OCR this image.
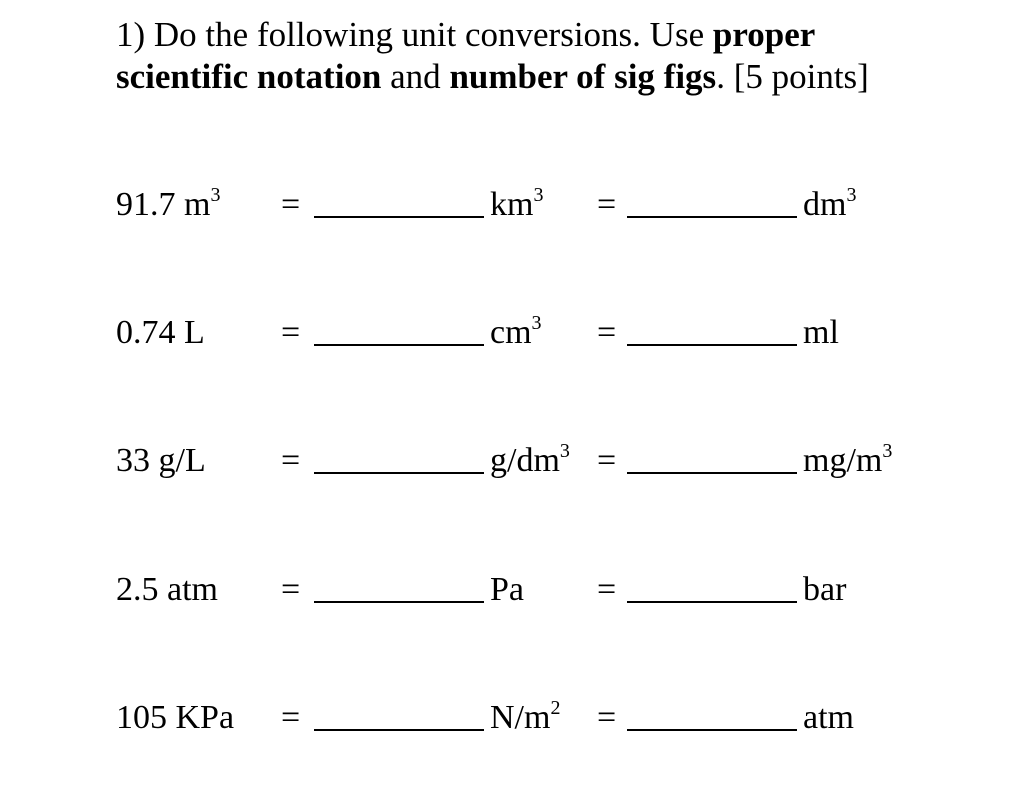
1) Do the following unit conversions. Use proper scientific notation and number of sig figs. [5 points]
91.7 $m^3$ =	$km^3$ =	$dm^3$
0.74 L =	$cm^3$ =	ml
33 g/L =	$g/dm^3$ =	$mg/m^3$
2.5 atm =	Pa =	bar
105 KPa =	$N/m^2$ =	atm
